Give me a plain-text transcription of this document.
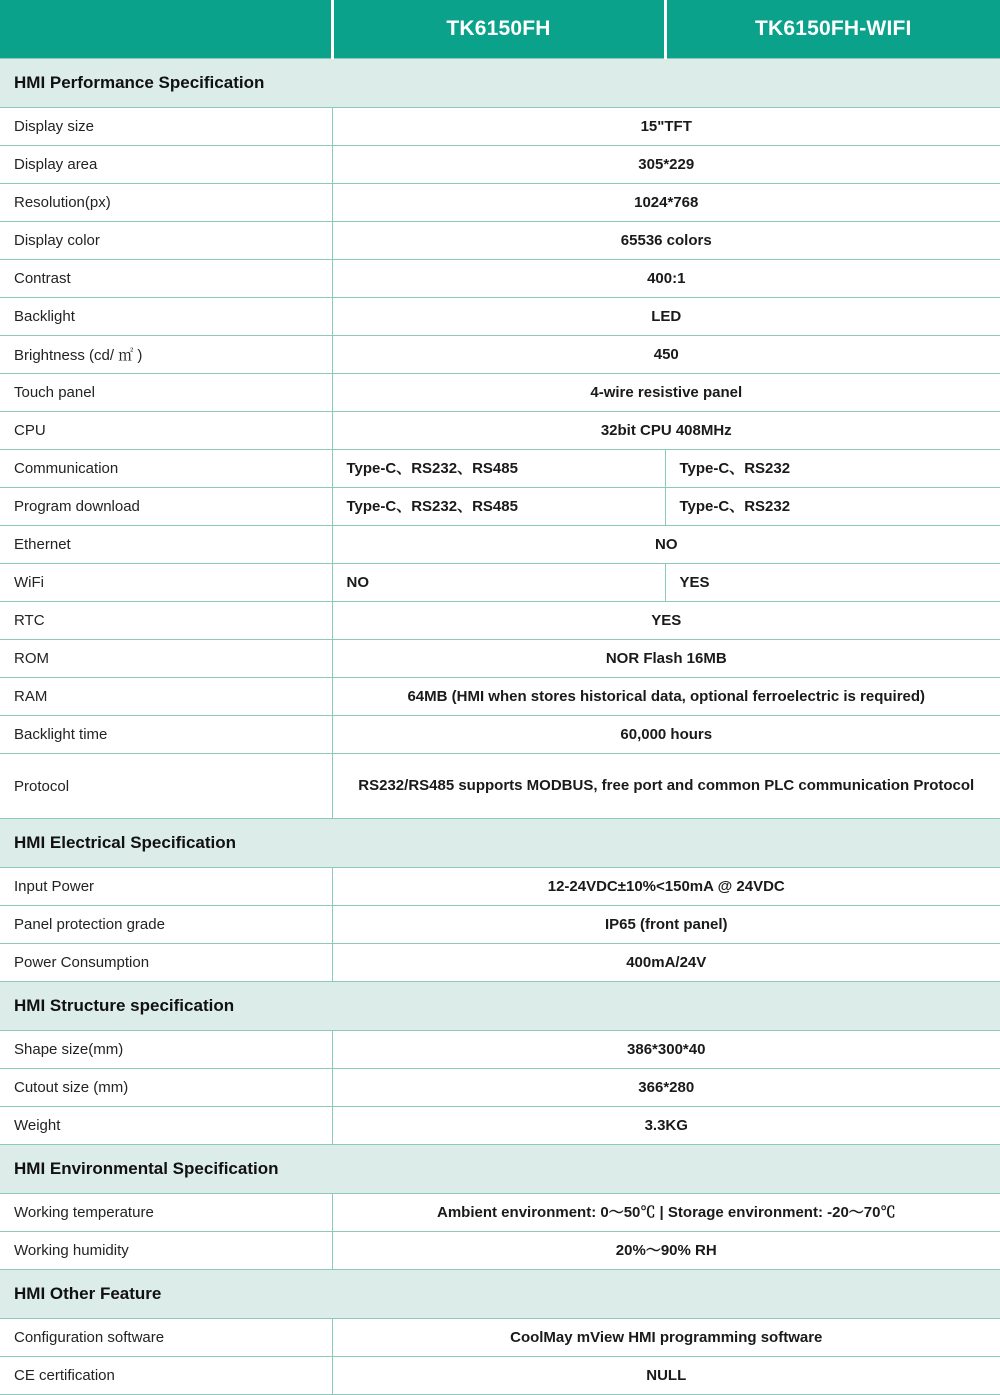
	TK6150FH	TK6150FH-WIFI
HMI Performance Specification		
Display size	15"TFT	
Display area	305*229	
Resolution(px)	1024*768	
Display color	65536 colors	
Contrast	400:1	
Backlight	LED	
Brightness (cd/ ㎡ )	450	
Touch panel	4-wire resistive panel	
CPU	32bit CPU 408MHz	
Communication	Type-C、RS232、RS485	Type-C、RS232
Program download	Type-C、RS232、RS485	Type-C、RS232
Ethernet	NO	
WiFi	NO	YES
RTC	YES	
ROM	NOR Flash 16MB	
RAM	64MB (HMI when stores historical data, optional ferroelectric is required)	
Backlight time	60,000 hours	
Protocol	RS232/RS485 supports MODBUS, free port and common PLC communication Protocol	
HMI Electrical Specification		
Input Power	12-24VDC±10%<150mA @ 24VDC	
Panel protection grade	IP65 (front panel)	
Power Consumption	400mA/24V	
HMI Structure specification		
Shape size(mm)	386*300*40	
Cutout size (mm)	366*280	
Weight	3.3KG	
HMI Environmental Specification		
Working temperature	Ambient environment: 0～50℃ | Storage environment: -20～70℃	
Working humidity	20%～90% RH	
HMI Other Feature		
Configuration software	CoolMay mView HMI programming software	
CE certification	NULL	
